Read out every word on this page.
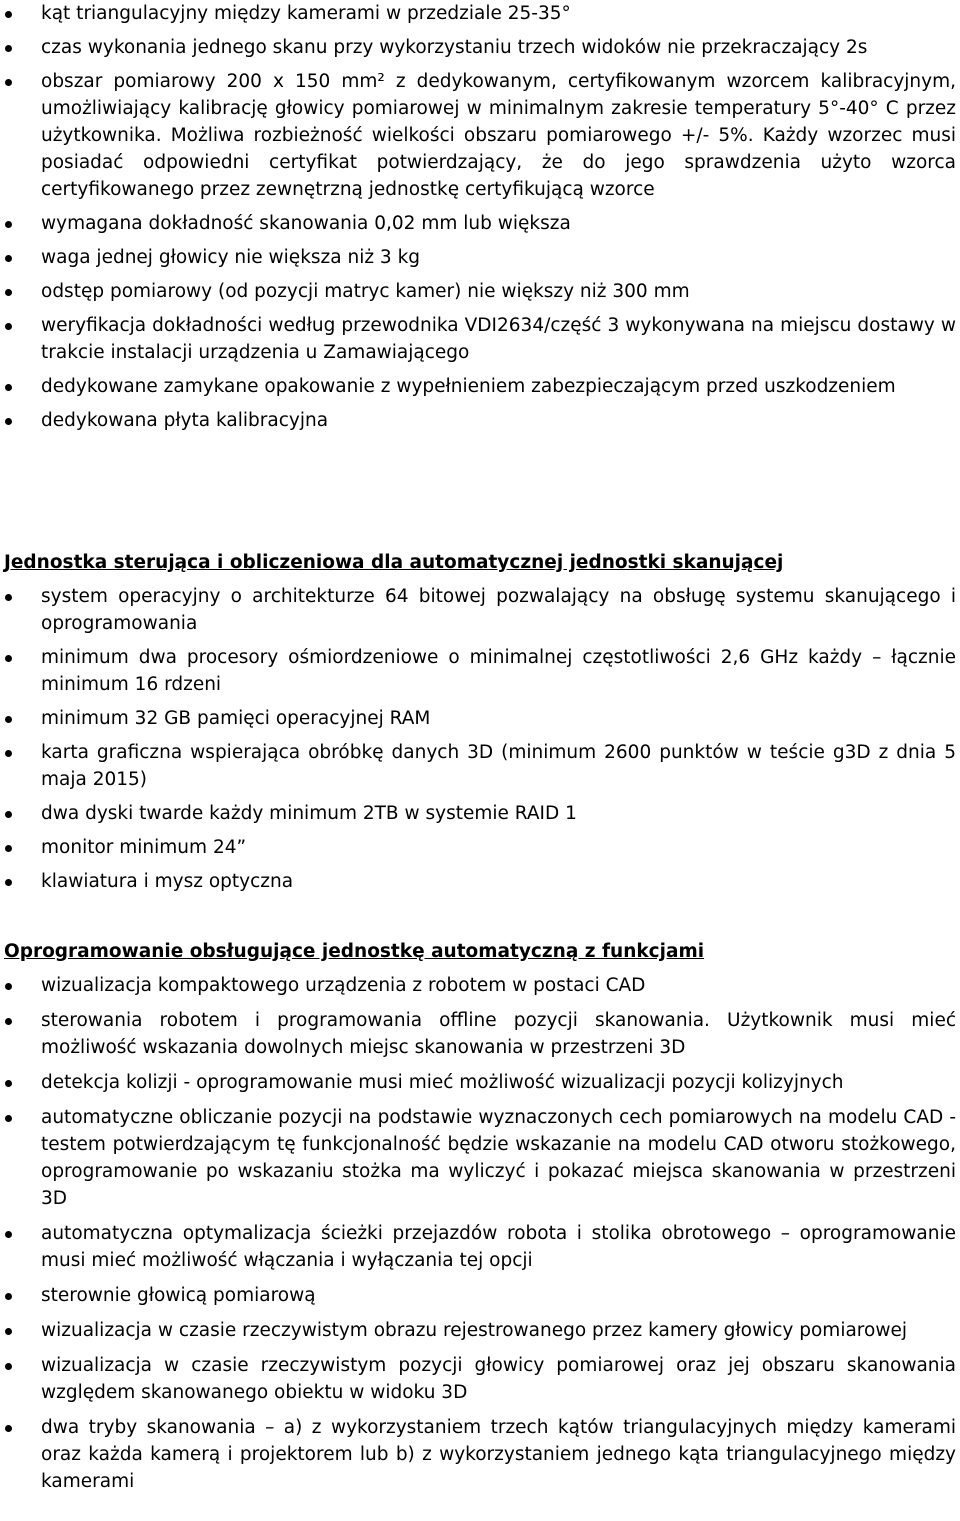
kąt triangulacyjny między kamerami w przedziale 25-35°
czas wykonania jednego skanu przy wykorzystaniu trzech widoków nie przekraczający 2s
obszar pomiarowy 200 x 150 mm² z dedykowanym, certyfikowanym wzorcem kalibracyjnym, umożliwiający kalibrację głowicy pomiarowej w minimalnym zakresie temperatury 5°-40° C przez użytkownika. Możliwa rozbieżność wielkości obszaru pomiarowego +/- 5%. Każdy wzorzec musi posiadać odpowiedni certyfikat potwierdzający, że do jego sprawdzenia użyto wzorca certyfikowanego przez zewnętrzną jednostkę certyfikującą wzorce
wymagana dokładność skanowania 0,02 mm lub większa
waga jednej głowicy nie większa niż 3 kg
odstęp pomiarowy (od pozycji matryc kamer) nie większy niż 300 mm
weryfikacja dokładności według przewodnika VDI2634/część 3 wykonywana na miejscu dostawy w trakcie instalacji urządzenia u Zamawiającego
dedykowane zamykane opakowanie z wypełnieniem zabezpieczającym przed uszkodzeniem
dedykowana płyta kalibracyjna
Jednostka sterująca i obliczeniowa dla automatycznej jednostki skanującej
system operacyjny o architekturze 64 bitowej pozwalający na obsługę systemu skanującego i oprogramowania
minimum dwa procesory ośmiordzeniowe o minimalnej częstotliwości 2,6 GHz każdy – łącznie minimum 16 rdzeni
minimum 32 GB pamięci operacyjnej RAM
karta graficzna wspierająca obróbkę danych 3D (minimum 2600 punktów w teście g3D z dnia 5 maja 2015)
dwa dyski twarde każdy minimum 2TB w systemie RAID 1
monitor minimum 24”
klawiatura i mysz optyczna
Oprogramowanie obsługujące jednostkę automatyczną z funkcjami
wizualizacja kompaktowego urządzenia z robotem w postaci CAD
sterowania robotem i programowania offline pozycji skanowania. Użytkownik musi mieć możliwość wskazania dowolnych miejsc skanowania w przestrzeni 3D
detekcja kolizji - oprogramowanie musi mieć możliwość wizualizacji pozycji kolizyjnych
automatyczne obliczanie pozycji na podstawie wyznaczonych cech pomiarowych na modelu CAD - testem potwierdzającym tę funkcjonalność będzie wskazanie na modelu CAD otworu stożkowego, oprogramowanie po wskazaniu stożka ma wyliczyć i pokazać miejsca skanowania w przestrzeni 3D
automatyczna optymalizacja ścieżki przejazdów robota i stolika obrotowego – oprogramowanie musi mieć możliwość włączania i wyłączania tej opcji
sterownie głowicą pomiarową
wizualizacja w czasie rzeczywistym obrazu rejestrowanego przez kamery głowicy pomiarowej
wizualizacja w czasie rzeczywistym pozycji głowicy pomiarowej oraz jej obszaru skanowania względem skanowanego obiektu w widoku 3D
dwa tryby skanowania – a) z wykorzystaniem trzech kątów triangulacyjnych między kamerami oraz każda kamerą i projektorem lub b) z wykorzystaniem jednego kąta triangulacyjnego między kamerami
